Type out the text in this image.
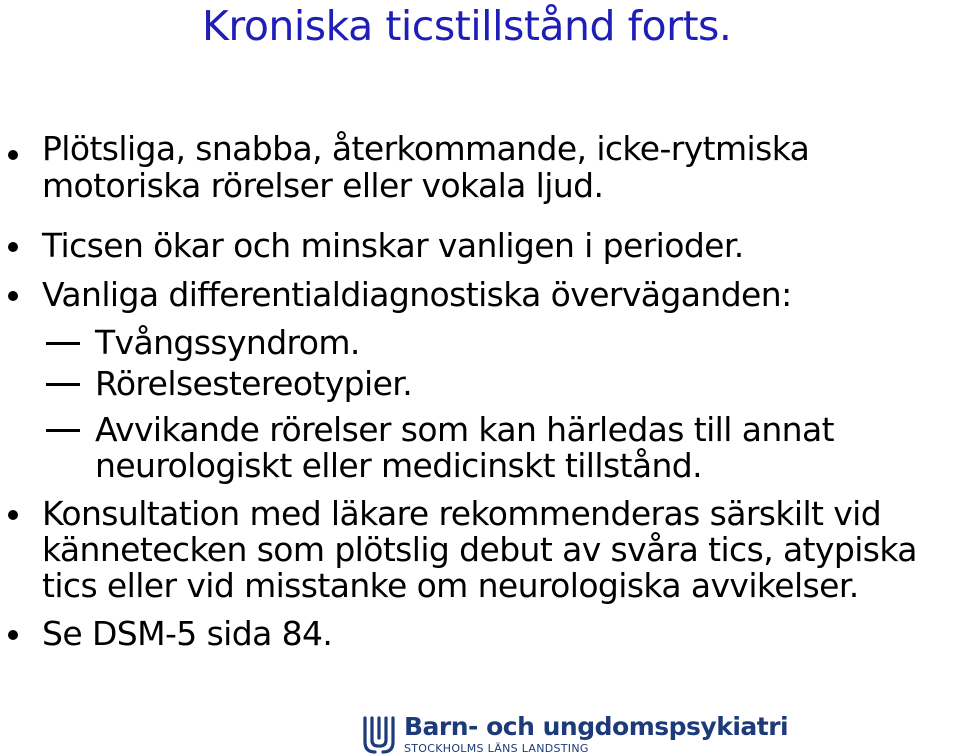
Kroniska ticstillstånd forts.
Plötsliga, snabba, återkommande, icke-rytmiska
motoriska rörelser eller vokala ljud.
Ticsen ökar och minskar vanligen i perioder.
Vanliga differentialdiagnostiska överväganden:
Tvångssyndrom.
Rörelsestereotypier.
Avvikande rörelser som kan härledas till annat
neurologiskt eller medicinskt tillstånd.
Konsultation med läkare rekommenderas särskilt vid
kännetecken som plötslig debut av svåra tics, atypiska
tics eller vid misstanke om neurologiska avvikelser.
Se DSM-5 sida 84.
Barn- och ungdomspsykiatri
STOCKHOLMS LÄNS LANDSTING
